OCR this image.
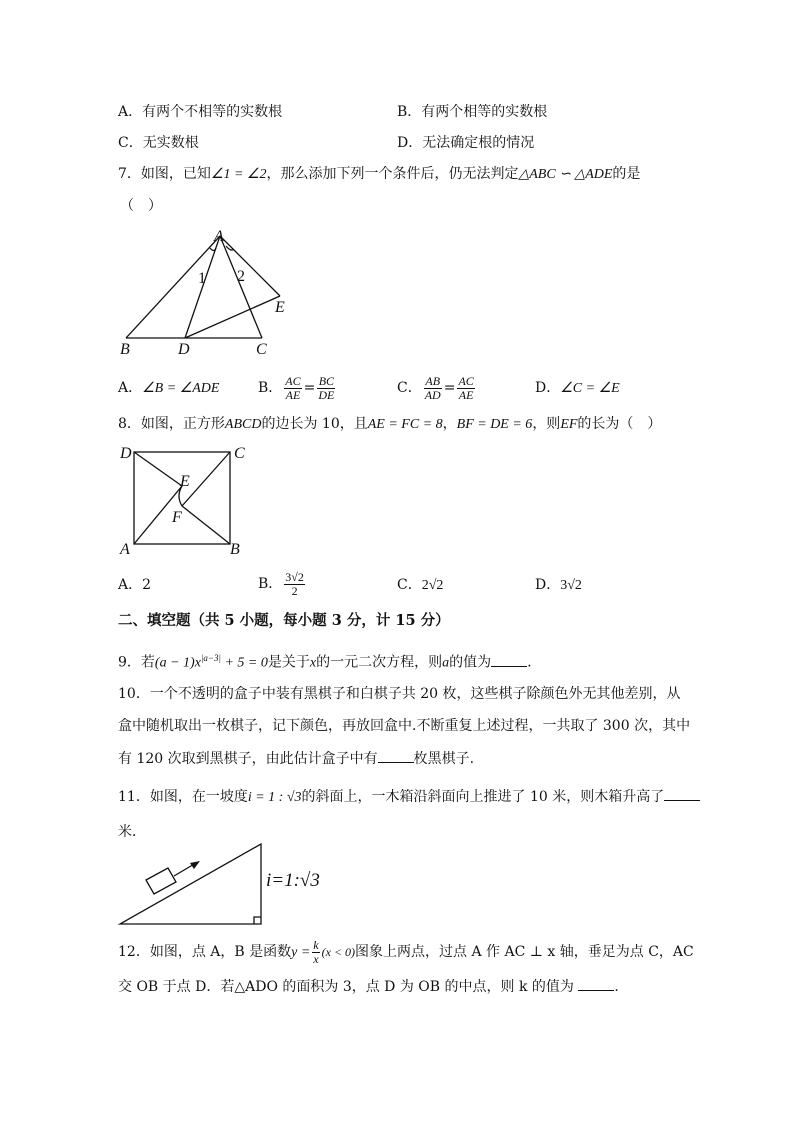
A．有两个不相等的实数根	B．有两个相等的实数根
C．无实数根	D．无法确定根的情况
7．如图，已知∠1 = ∠2，那么添加下列一个条件后，仍无法判定△ABC ∽ △ADE的是
（　）
A
B	D	C
E
1 2
A．∠B = ∠ADE	B． $\frac{AC}{AE} = \frac{BC}{DE}$	C． $\frac{AB}{AD} = \frac{AC}{AE}$	D．∠C = ∠E
8．如图，正方形ABCD的边长为 10，且AE = FC = 8，BF = DE = 6，则EF的长为（　）
D	C
A	B
E
F
A．2	B． $\frac{3√2}{2}$	C．2√2	D．3√2
二、填空题（共 5 小题，每小题 3 分，计 15 分）
9．若$(a - 1)x^{|a-3|} + 5 = 0$是关于x的一元二次方程，则a的值为	.
10．一个不透明的盒子中装有黑棋子和白棋子共 20 枚，这些棋子除颜色外无其他差别，从
盒中随机取出一枚棋子，记下颜色，再放回盒中.不断重复上述过程，一共取了 300 次，其中
有 120 次取到黑棋子，由此估计盒子中有	枚黑棋子.
11．如图，在一坡度i = 1 : √3的斜面上，一木箱沿斜面向上推进了 10 米，则木箱升高了
米．
i=1:√3
12．如图，点 A，B 是函数$y = \frac{k}{x} (x < 0)$图象上两点，过点 A 作 AC ⊥ x 轴，垂足为点 C，AC
交 OB 于点 D．若△ADO 的面积为 3，点 D 为 OB 的中点，则 k 的值为	．
